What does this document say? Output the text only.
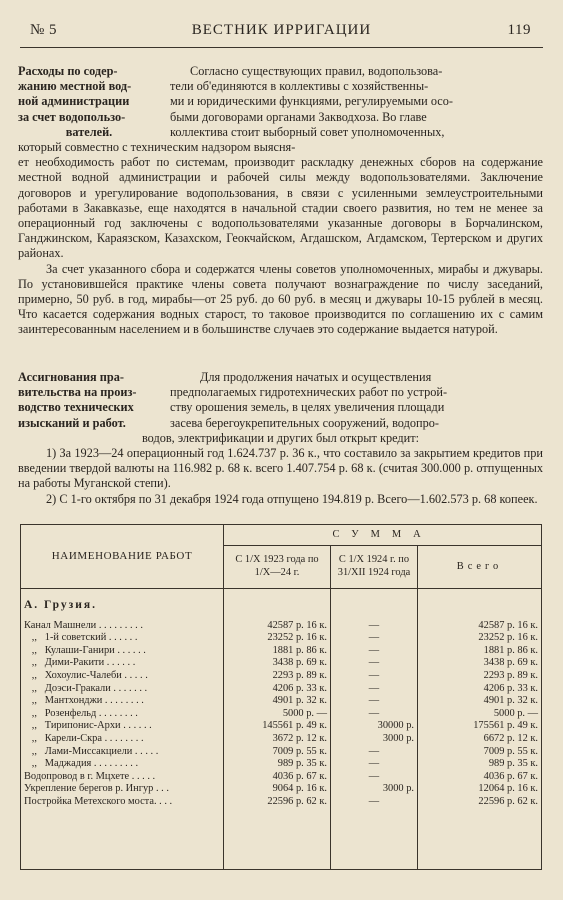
№ 5	ВЕСТНИК ИРРИГАЦИИ	119
Расходы по содер-
жанию местной вод-
ной администрации
за счет водопользо-
вателей.
Согласно существующих правил, водопользова-
тели об'единяются в коллективы с хозяйственны-
ми и юридическими функциями, регулируемыми осо-
быми договорами органами Закводхоза. Во главе
коллектива стоит выборный совет уполномоченных,
который совместно с техническим надзором выясня-

ет необходимость работ по системам, производит раскладку денежных сборов на содержание местной водной администрации и рабочей силы между водопользователями. Заключение договоров и урегулирование водопользования, в связи с усиленными землеустроительными работами в Закавказье, еще находятся в начальной стадии своего развития, но тем не менее за операционный год заключены с водопользователями указанные договоры в Борчалинском, Ганджинском, Караязском, Казахском, Геокчайском, Агдашском, Агдамском, Тертерском и других районах.

За счет указанного сбора и содержатся члены советов уполномоченных, мирабы и джувары. По установившейся практике члены совета получают вознаграждение по числу заседаний, примерно, 50 руб. в год, мирабы—от 25 руб. до 60 руб. в месяц и джувары 10-15 рублей в месяц. Что касается содержания водных старост, то таковое производится по соглашению их с самим заинтересованным населением и в большинстве случаев это содержание выдается натурой.

Ассигнования пра-
вительства на произ-
водство технических
изысканий и работ.
Для продолжения начатых и осуществления
предполагаемых гидротехнических работ по устрой-
ству орошения земель, в целях увеличения площади
засева берегоукрепительных сооружений, водопро-
водов, электрификации и других был открыт кредит:

1) За 1923—24 операционный год 1.624.737 р. 36 к., что составило за закрытием кредитов при введении твердой валюты на 116.982 р. 68 к. всего 1.407.754 р. 68 к. (считая 300.000 р. отпущенных на работы Муганской степи).

2) С 1-го октября по 31 декабря 1924 года отпущено 194.819 р. Всего—1.602.573 р. 68 копеек.

НАИМЕНОВАНИЕ РАБОТ	СУММА		
	С 1/X 1923 года по 1/X—24 г.	С 1/X 1924 г. по 31/XII 1924 года	Всего
А. Грузия.			
Канал Машнели . . . . . . . . .	42587 р. 16 к.	—	42587 р. 16 к.
,,   1-й советский . . . . . .	23252 р. 16 к.	—	23252 р. 16 к.
,,   Кулаши-Ганири . . . . . .	1881 р. 86 к.	—	1881 р. 86 к.
,,   Дими-Ракити . . . . . .	3438 р. 69 к.	—	3438 р. 69 к.
,,   Хохоулис-Чалеби . . . . .	2293 р. 89 к.	—	2293 р. 89 к.
,,   Доэси-Гракали . . . . . . .	4206 р. 33 к.	—	4206 р. 33 к.
,,   Мантхонджи . . . . . . . .	4901 р. 32 к.	—	4901 р. 32 к.
,,   Розенфельд . . . . . . . .	5000 р. —	—	5000 р. —
,,   Тирипонис-Архи . . . . . .	145561 р. 49 к.	30000 р.	175561 р. 49 к.
,,   Карели-Скра . . . . . . . .	3672 р. 12 к.	3000 р.	6672 р. 12 к.
,,   Лами-Миссакциели . . . . .	7009 р. 55 к.	—	7009 р. 55 к.
,,   Маджадия . . . . . . . . .	989 р. 35 к.	—	989 р. 35 к.
Водопровод в г. Мцхете . . . . .	4036 р. 67 к.	—	4036 р. 67 к.
Укрепление берегов р. Ингур . . .	9064 р. 16 к.	3000 р.	12064 р. 16 к.
Постройка Метехского моста. . . .	22596 р. 62 к.	—	22596 р. 62 к.
